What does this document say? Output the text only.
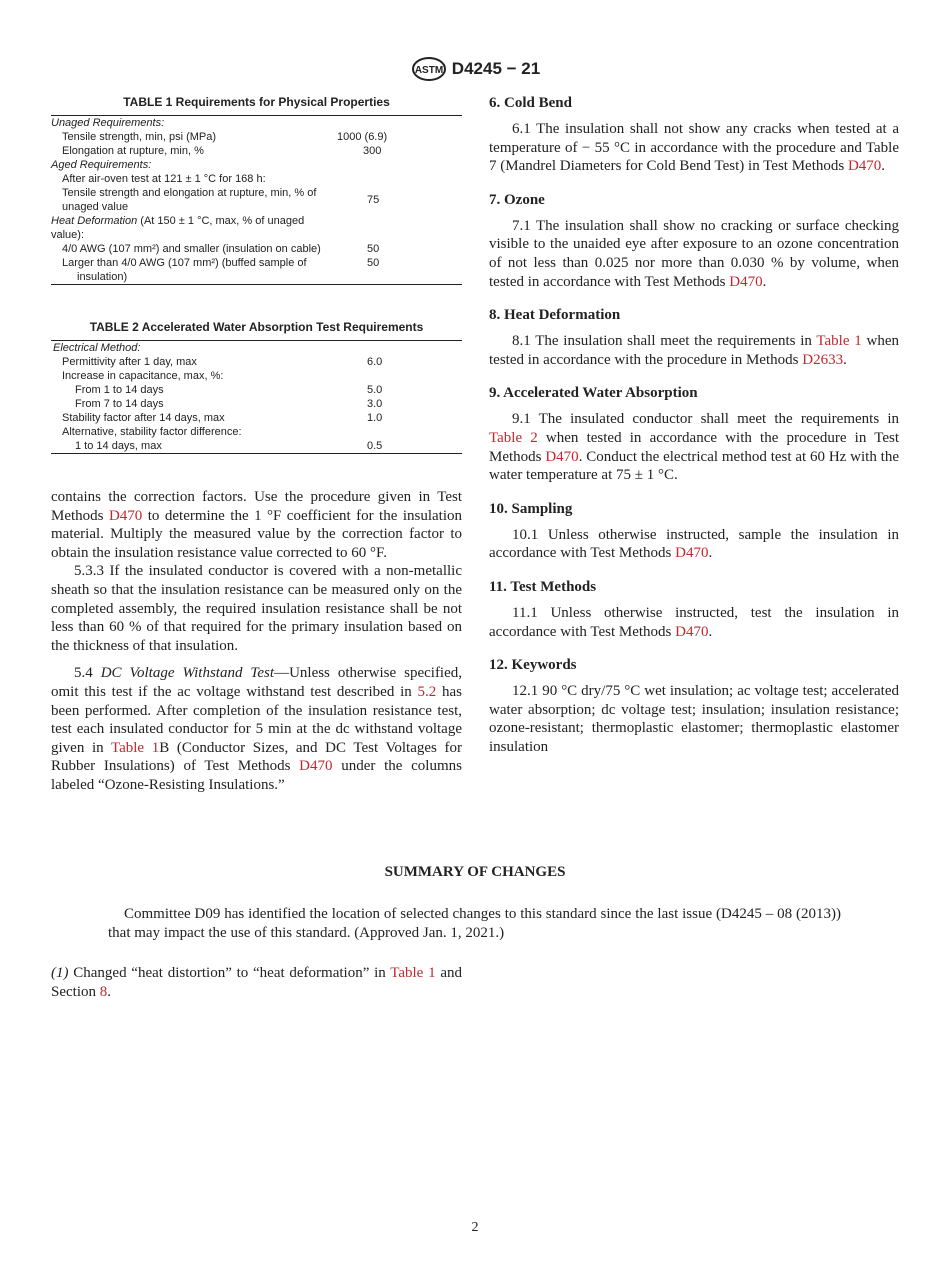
ASTM D4245 − 21
TABLE 1 Requirements for Physical Properties
Unaged Requirements:	
Tensile strength, min, psi (MPa)	1000 (6.9)
Elongation at rupture, min, %	300
Aged Requirements:	
After air-oven test at 121 ± 1 °C for 168 h:	
Tensile strength and elongation at rupture, min, % of unaged value	75
Heat Deformation (At 150 ± 1 °C, max, % of unaged value):	
4/0 AWG (107 mm²) and smaller (insulation on cable)	50
Larger than 4/0 AWG (107 mm²) (buffed sample of insulation)	50
TABLE 2 Accelerated Water Absorption Test Requirements
Electrical Method:	
Permittivity after 1 day, max	6.0
Increase in capacitance, max, %:	
From 1 to 14 days	5.0
From 7 to 14 days	3.0
Stability factor after 14 days, max	1.0
Alternative, stability factor difference:	
1 to 14 days, max	0.5

contains the correction factors. Use the procedure given in Test Methods D470 to determine the 1 °F coefficient for the insulation material. Multiply the measured value by the correction factor to obtain the insulation resistance value corrected to 60 °F.

5.3.3 If the insulated conductor is covered with a non-metallic sheath so that the insulation resistance can be measured only on the completed assembly, the required insulation resistance shall be not less than 60 % of that required for the primary insulation based on the thickness of that insulation.

5.4 DC Voltage Withstand Test—Unless otherwise specified, omit this test if the ac voltage withstand test described in 5.2 has been performed. After completion of the insulation resistance test, test each insulated conductor for 5 min at the dc withstand voltage given in Table 1B (Conductor Sizes, and DC Test Voltages for Rubber Insulations) of Test Methods D470 under the columns labeled “Ozone-Resisting Insulations.”

6. Cold Bend

6.1 The insulation shall not show any cracks when tested at a temperature of − 55 °C in accordance with the procedure and Table 7 (Mandrel Diameters for Cold Bend Test) in Test Methods D470.

7. Ozone

7.1 The insulation shall show no cracking or surface checking visible to the unaided eye after exposure to an ozone concentration of not less than 0.025 nor more than 0.030 % by volume, when tested in accordance with Test Methods D470.

8. Heat Deformation

8.1 The insulation shall meet the requirements in Table 1 when tested in accordance with the procedure in Methods D2633.

9. Accelerated Water Absorption

9.1 The insulated conductor shall meet the requirements in Table 2 when tested in accordance with the procedure in Test Methods D470. Conduct the electrical method test at 60 Hz with the water temperature at 75 ± 1 °C.

10. Sampling

10.1 Unless otherwise instructed, sample the insulation in accordance with Test Methods D470.

11. Test Methods

11.1 Unless otherwise instructed, test the insulation in accordance with Test Methods D470.

12. Keywords

12.1 90 °C dry/75 °C wet insulation; ac voltage test; accelerated water absorption; dc voltage test; insulation; insulation resistance; ozone-resistant; thermoplastic elastomer; thermoplastic elastomer insulation

SUMMARY OF CHANGES

Committee D09 has identified the location of selected changes to this standard since the last issue (D4245 – 08 (2013)) that may impact the use of this standard. (Approved Jan. 1, 2021.)

(1) Changed “heat distortion” to “heat deformation” in Table 1 and Section 8.

2
